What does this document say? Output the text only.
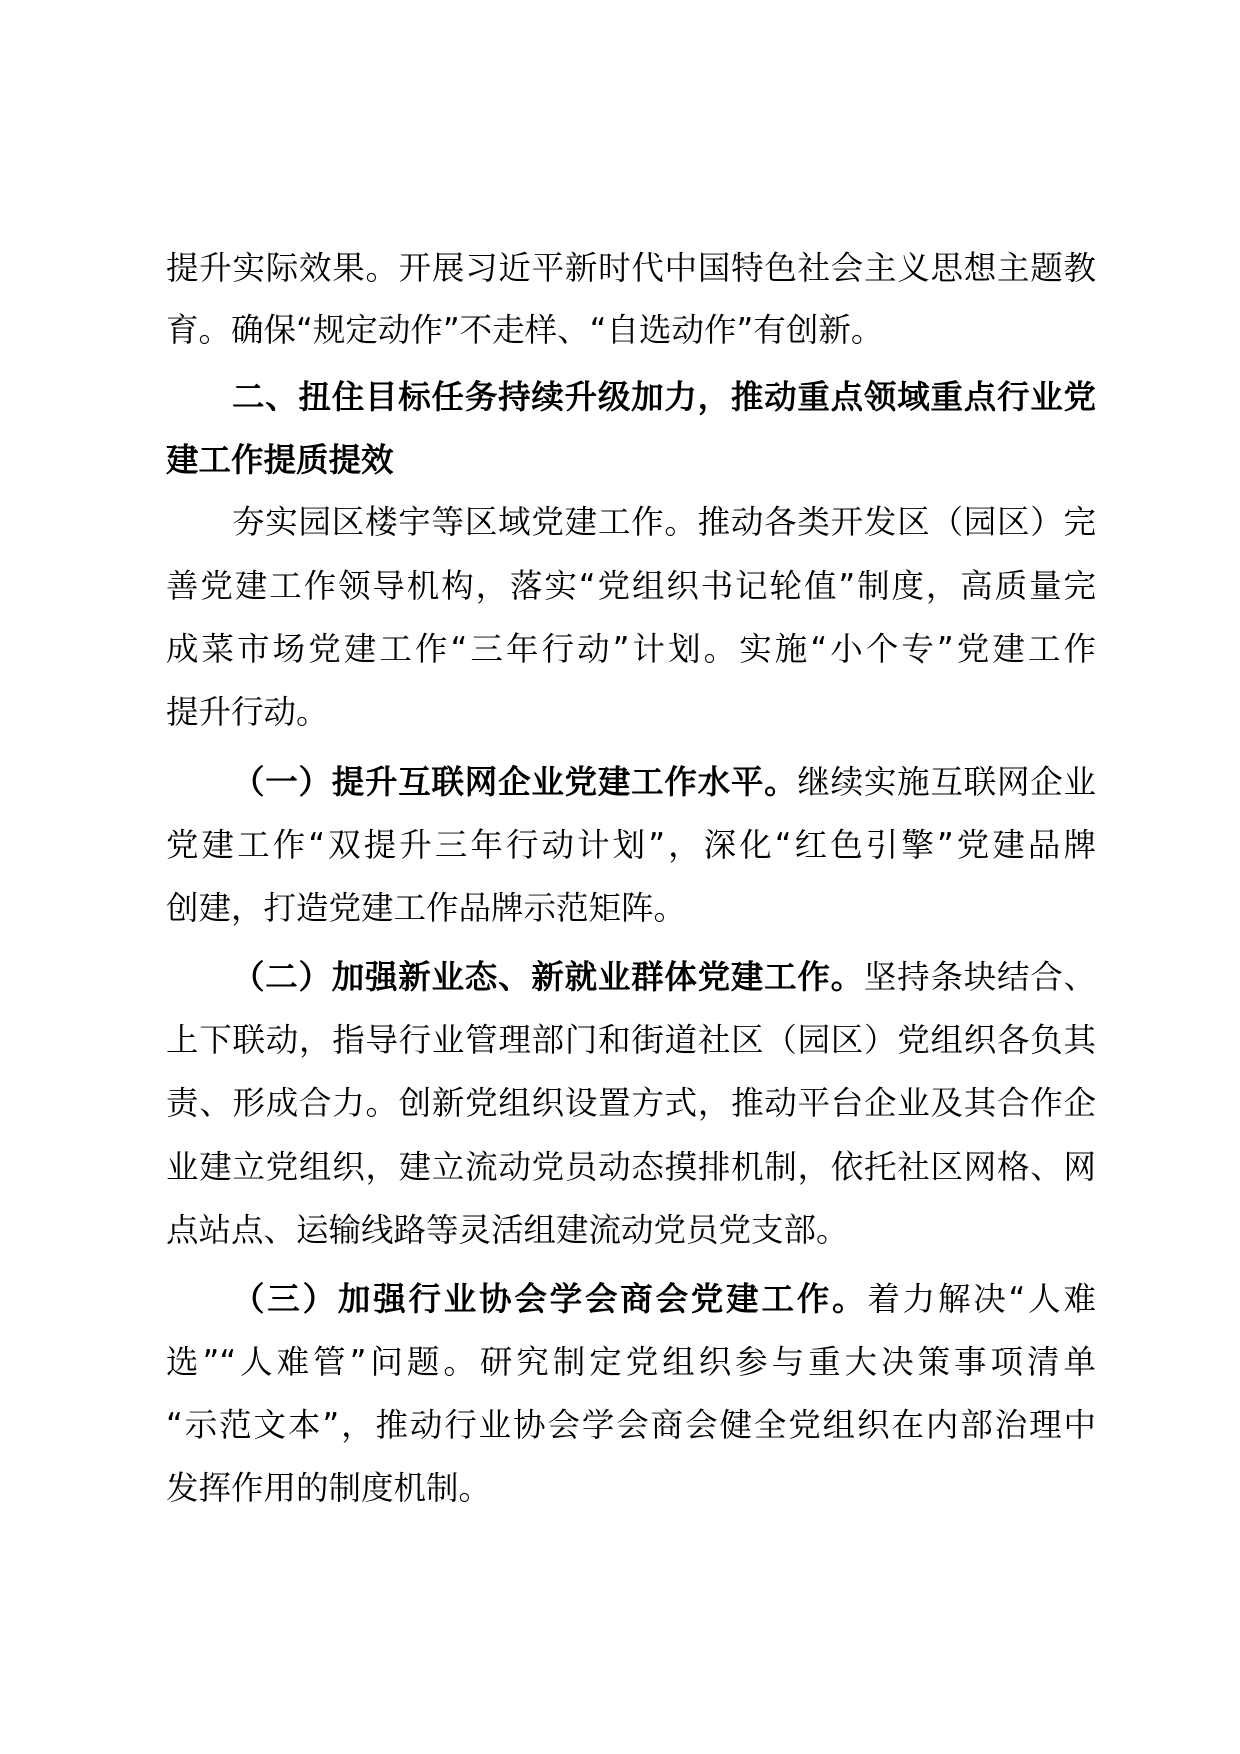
提升实际效果。开展习近平新时代中国特色社会主义思想主题教
育。确保“规定动作”不走样、“自选动作”有创新。
二、扭住目标任务持续升级加力，推动重点领域重点行业党
建工作提质提效
夯实园区楼宇等区域党建工作。推动各类开发区（园区）完
善党建工作领导机构，落实“党组织书记轮值”制度，高质量完
成菜市场党建工作“三年行动”计划。实施“小个专”党建工作
提升行动。
（一）提升互联网企业党建工作水平。继续实施互联网企业
党建工作“双提升三年行动计划”，深化“红色引擎”党建品牌
创建，打造党建工作品牌示范矩阵。
（二）加强新业态、新就业群体党建工作。坚持条块结合、
上下联动，指导行业管理部门和街道社区（园区）党组织各负其
责、形成合力。创新党组织设置方式，推动平台企业及其合作企
业建立党组织，建立流动党员动态摸排机制，依托社区网格、网
点站点、运输线路等灵活组建流动党员党支部。
（三）加强行业协会学会商会党建工作。着力解决“人难
选”“人难管”问题。研究制定党组织参与重大决策事项清单
“示范文本”，推动行业协会学会商会健全党组织在内部治理中
发挥作用的制度机制。
